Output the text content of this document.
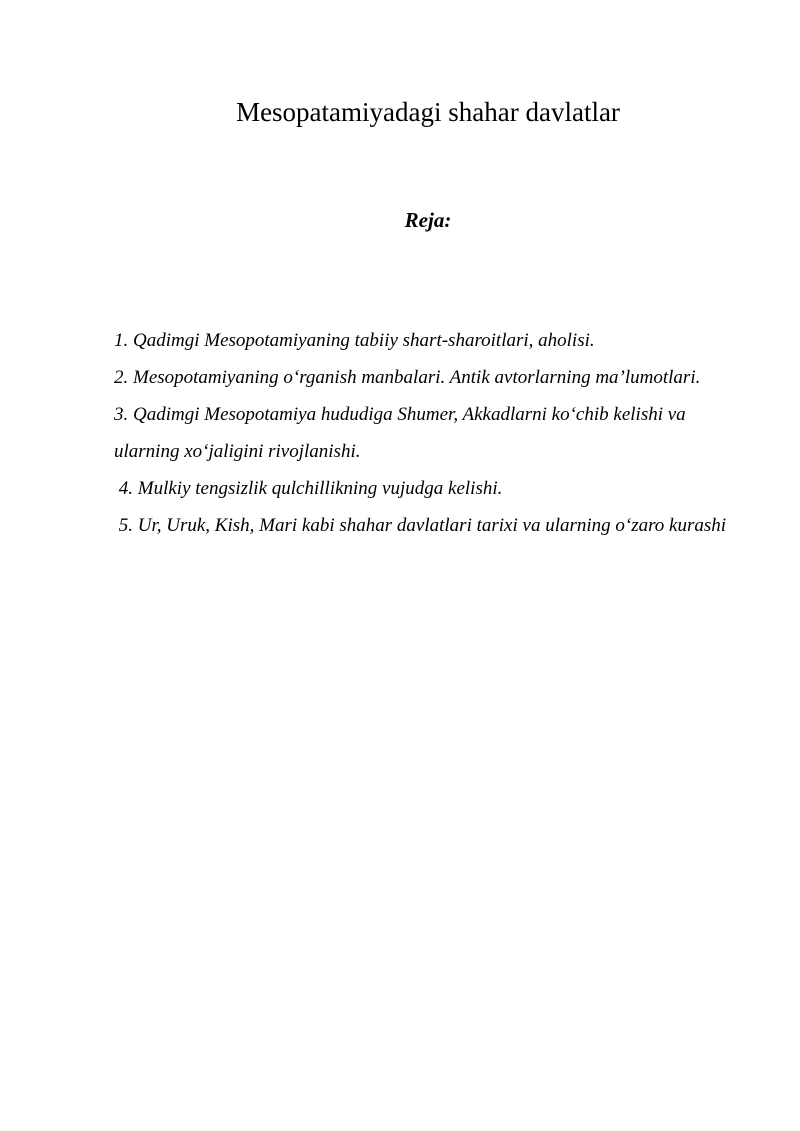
Mesopatamiyadagi shahar davlatlar
Reja:
1. Qadimgi Mesopotamiyaning tabiiy shart-sharoitlari, aholisi.
2. Mesopotamiyaning o‘rganish manbalari. Antik avtorlarning ma’lumotlari.
3. Qadimgi Mesopotamiya hududiga Shumer, Akkadlarni ko‘chib kelishi va ularning xo‘jaligini rivojlanishi.
4. Mulkiy tengsizlik qulchillikning vujudga kelishi.
5. Ur, Uruk, Kish, Mari kabi shahar davlatlari tarixi va ularning o‘zaro kurashi
